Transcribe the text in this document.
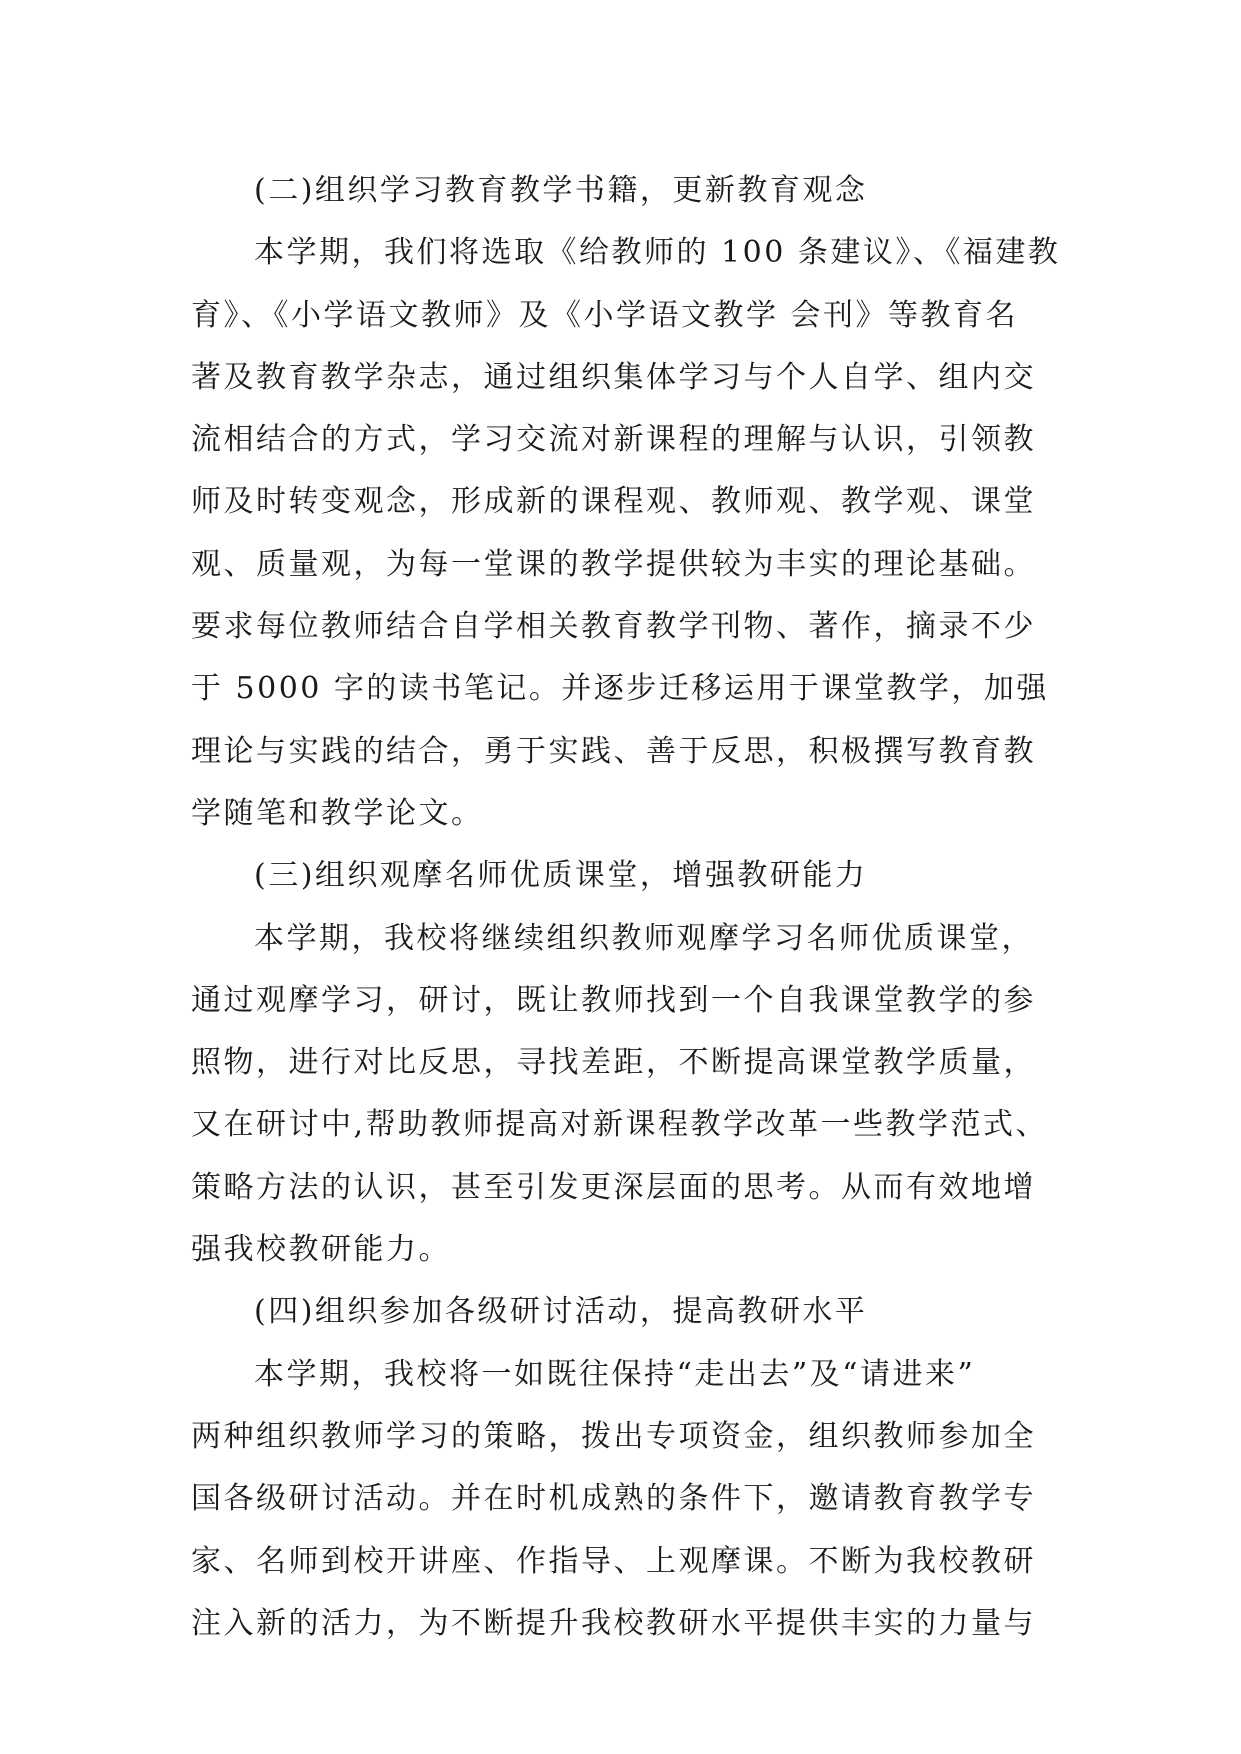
(二)组织学习教育教学书籍，更新教育观念
本学期，我们将选取《给教师的 100 条建议》、《福建教
育》、《小学语文教师》及《小学语文教学 会刊》等教育名
著及教育教学杂志，通过组织集体学习与个人自学、组内交
流相结合的方式，学习交流对新课程的理解与认识，引领教
师及时转变观念，形成新的课程观、教师观、教学观、课堂
观、质量观，为每一堂课的教学提供较为丰实的理论基础。
要求每位教师结合自学相关教育教学刊物、著作，摘录不少
于 5000 字的读书笔记。并逐步迁移运用于课堂教学，加强
理论与实践的结合，勇于实践、善于反思，积极撰写教育教
学随笔和教学论文。
(三)组织观摩名师优质课堂，增强教研能力
本学期，我校将继续组织教师观摩学习名师优质课堂，
通过观摩学习，研讨，既让教师找到一个自我课堂教学的参
照物，进行对比反思，寻找差距，不断提高课堂教学质量，
又在研讨中,帮助教师提高对新课程教学改革一些教学范式、
策略方法的认识，甚至引发更深层面的思考。从而有效地增
强我校教研能力。
(四)组织参加各级研讨活动，提高教研水平
本学期，我校将一如既往保持“走出去”及“请进来”
两种组织教师学习的策略，拨出专项资金，组织教师参加全
国各级研讨活动。并在时机成熟的条件下，邀请教育教学专
家、名师到校开讲座、作指导、上观摩课。不断为我校教研
注入新的活力，为不断提升我校教研水平提供丰实的力量与
